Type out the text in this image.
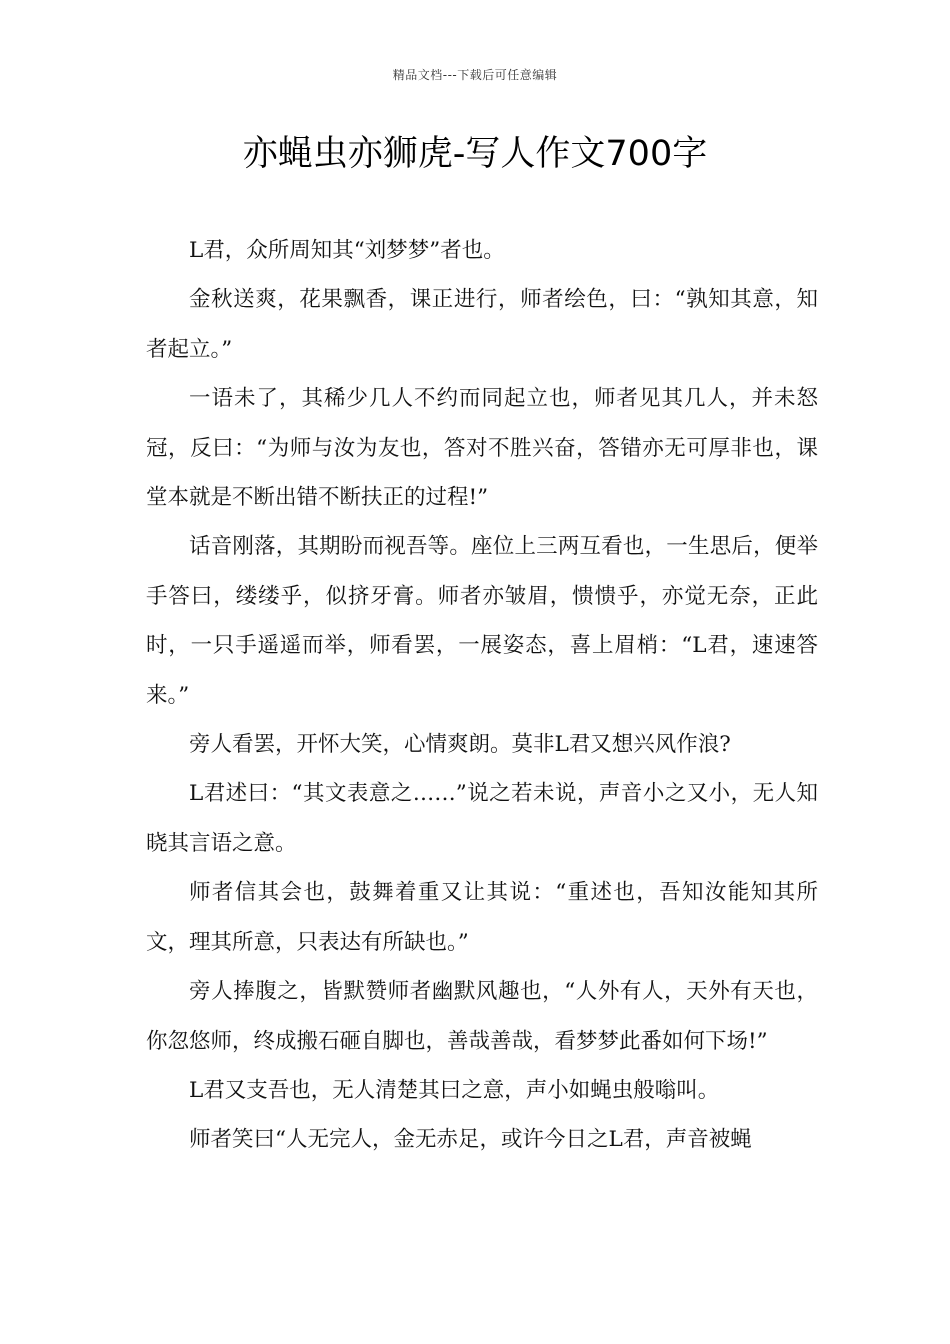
精品文档---下载后可任意编辑
亦蝇虫亦狮虎-写人作文700字

L君，众所周知其“刘梦梦”者也。

金秋送爽，花果飘香，课正进行，师者绘色，曰：“孰知其意，知者起立。”

一语未了，其稀少几人不约而同起立也，师者见其几人，并未怒冠，反曰：“为师与汝为友也，答对不胜兴奋，答错亦无可厚非也，课堂本就是不断出错不断扶正的过程!”

话音刚落，其期盼而视吾等。座位上三两互看也，一生思后，便举手答曰，缕缕乎，似挤牙膏。师者亦皱眉，愦愦乎，亦觉无奈，正此时，一只手遥遥而举，师看罢，一展姿态，喜上眉梢：“L君，速速答来。”

旁人看罢，开怀大笑，心情爽朗。莫非L君又想兴风作浪?

L君述曰：“其文表意之……”说之若未说，声音小之又小，无人知晓其言语之意。

师者信其会也，鼓舞着重又让其说：“重述也，吾知汝能知其所文，理其所意，只表达有所缺也。”

旁人捧腹之，皆默赞师者幽默风趣也，“人外有人，天外有天也，你忽悠师，终成搬石砸自脚也，善哉善哉，看梦梦此番如何下场!”

L君又支吾也，无人清楚其曰之意，声小如蝇虫般嗡叫。

师者笑曰“人无完人，金无赤足，或许今日之L君，声音被蝇
